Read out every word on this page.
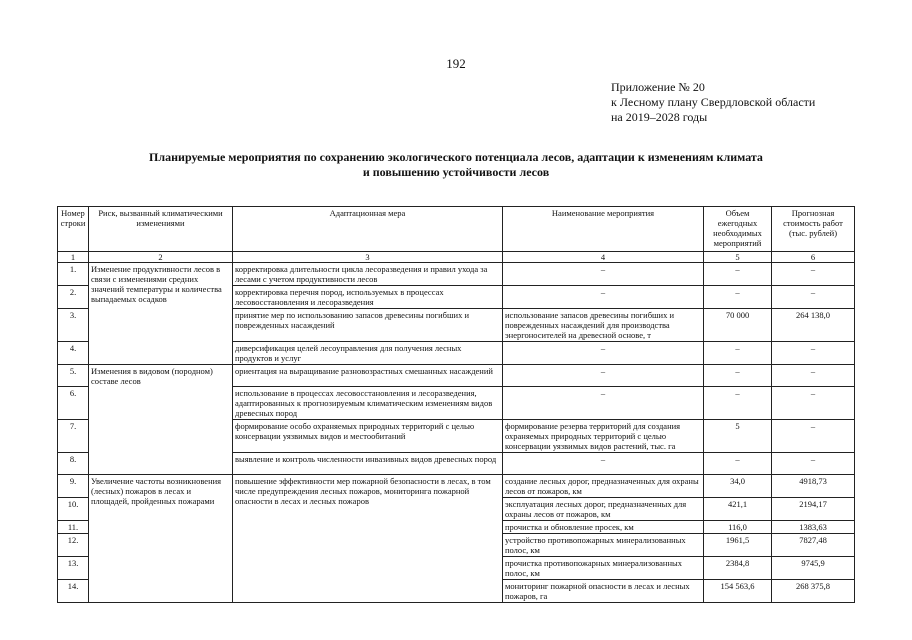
192
Приложение № 20
к Лесному плану Свердловской области
на 2019–2028 годы
Планируемые мероприятия по сохранению экологического потенциала лесов, адаптации к изменениям климата
и повышению устойчивости лесов
Номер строки	Риск, вызванный климатическими изменениями	Адаптационная мера	Наименование мероприятия	Объем ежегодных необходимых мероприятий	Прогнозная стоимость работ (тыс. рублей)
1	2	3	4	5	6
1.	Изменение продуктивности лесов в связи с изменениями средних значений температуры и количества выпадаемых осадков	корректировка длительности цикла лесоразведения и правил ухода за лесами с учетом продуктивности лесов	–	–	–
2.		корректировка перечня пород, используемых в процессах лесовосстановления и лесоразведения	–	–	–
3.		принятие мер по использованию запасов древесины погибших и поврежденных насаждений	использование запасов древесины погибших и поврежденных насаждений для производства энергоносителей на древесной основе, т	70 000	264 138,0
4.		диверсификация целей лесоуправления для получения лесных продуктов и услуг	–	–	–
5.	Изменения в видовом (породном) составе лесов	ориентация на выращивание разновозрастных смешанных насаждений	–	–	–
6.		использование в процессах лесовосстановления и лесоразведения, адаптированных к прогнозируемым климатическим изменениям видов древесных пород	–	–	–
7.		формирование особо охраняемых природных территорий с целью консервации уязвимых видов и местообитаний	формирование резерва территорий для создания охраняемых природных территорий с целью консервации уязвимых видов растений, тыс. га	5	–
8.		выявление и контроль численности инвазивных видов древесных пород	–	–	–
9.	Увеличение частоты возникновения (лесных) пожаров в лесах и площадей, пройденных пожарами	повышение эффективности мер пожарной безопасности в лесах, в том числе предупреждения лесных пожаров, мониторинга пожарной опасности в лесах и лесных пожаров	создание лесных дорог, предназначенных для охраны лесов от пожаров, км	34,0	4918,73
10.			эксплуатация лесных дорог, предназначенных для охраны лесов от пожаров, км	421,1	2194,17
11.			прочистка и обновление просек, км	116,0	1383,63
12.			устройство противопожарных минерализованных полос, км	1961,5	7827,48
13.			прочистка противопожарных минерализованных полос, км	2384,8	9745,9
14.			мониторинг пожарной опасности в лесах и лесных пожаров, га	154 563,6	268 375,8
